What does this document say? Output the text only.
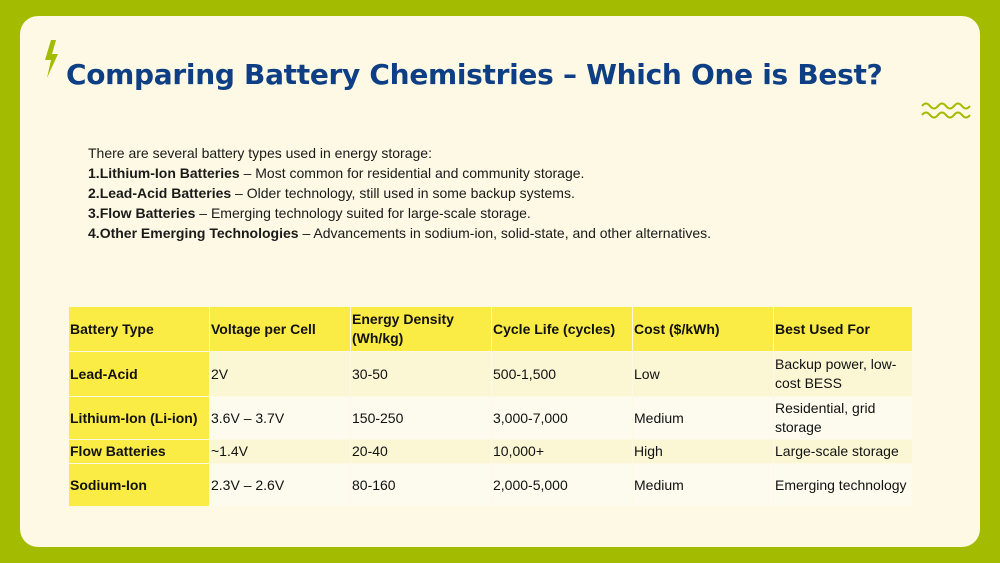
Comparing Battery Chemistries – Which One is Best?
There are several battery types used in energy storage:
1.Lithium-Ion Batteries – Most common for residential and community storage.
2.Lead-Acid Batteries – Older technology, still used in some backup systems.
3.Flow Batteries – Emerging technology suited for large-scale storage.
4.Other Emerging Technologies – Advancements in sodium-ion, solid-state, and other alternatives.
Battery Type	Voltage per Cell	Energy Density (Wh/kg)	Cycle Life (cycles)	Cost ($/kWh)	Best Used For
Lead-Acid	2V	30-50	500-1,500	Low	Backup power, low-cost BESS
Lithium-Ion (Li-ion)	3.6V – 3.7V	150-250	3,000-7,000	Medium	Residential, grid storage
Flow Batteries	~1.4V	20-40	10,000+	High	Large-scale storage
Sodium-Ion	2.3V – 2.6V	80-160	2,000-5,000	Medium	Emerging technology
